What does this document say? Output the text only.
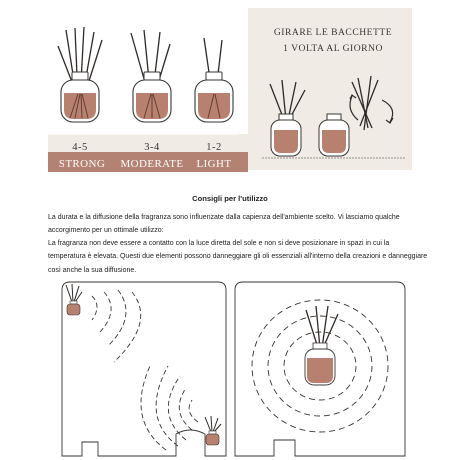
GIRARE LE BACCHETTE
1 VOLTA AL GIORNO
4-5	3-4	1-2
STRONG	MODERATE	LIGHT
Consigli per l'utilizzo

La durata e la diffusione della fragranza sono influenzate dalla capienza dell'ambiente scelto. Vi lasciamo qualche accorgimento per un ottimale utilizzo:

La fragranza non deve essere a contatto con la luce diretta del sole e non si deve posizionare in spazi in cui la temperatura è elevata. Questi due elementi possono danneggiare gli oli essenziali all'interno della creazioni e danneggiare così anche la sua diffusione.
